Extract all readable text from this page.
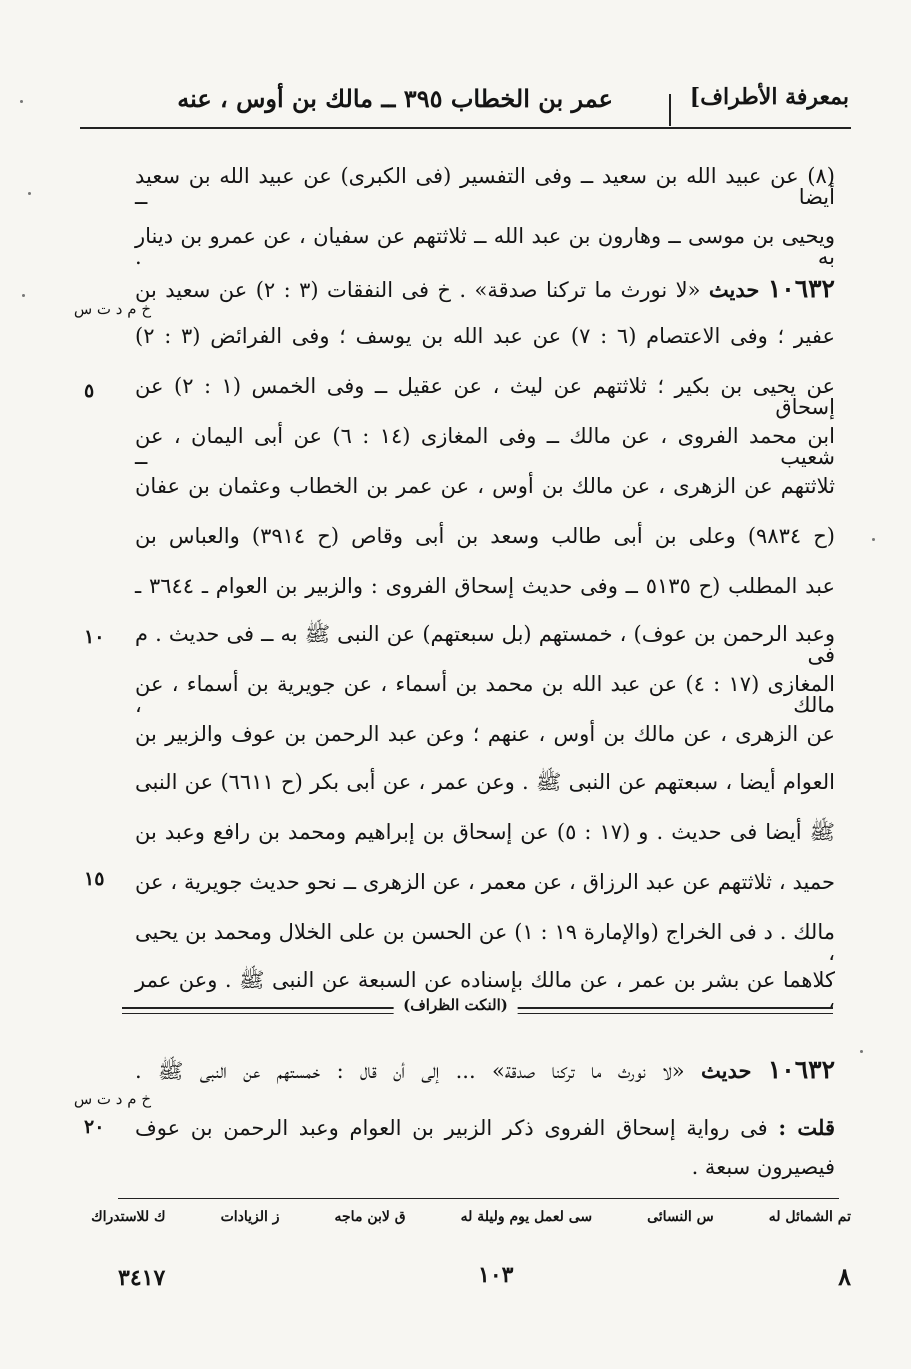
بمعرفة الأطراف]
عمر بن الخطاب ٣٩٥ ــ مالك بن أوس ، عنه
(٨) عن عبيد الله بن سعيد ــ وفى التفسير (فى الكبرى) عن عبيد الله بن سعيد أيضا ــ
ويحيى بن موسى ــ وهارون بن عبد الله ــ ثلاثتهم عن سفيان ، عن عمرو بن دينار به .
١٠٦٣٢ حديث «لا نورث ما تركنا صدقة» . خ فى النفقات (٣ : ٢) عن سعيد بن
خ م د ت س
عفير ؛ وفى الاعتصام (٦ : ٧) عن عبد الله بن يوسف ؛ وفى الفرائض (٣ : ٢)
عن يحيى بن بكير ؛ ثلاثتهم عن ليث ، عن عقيل ــ وفى الخمس (١ : ٢) عن إسحاق
ابن محمد الفروى ، عن مالك ــ وفى المغازى (١٤ : ٦) عن أبى اليمان ، عن شعيب ــ
ثلاثتهم عن الزهرى ، عن مالك بن أوس ، عن عمر بن الخطاب وعثمان بن عفان
(ح ٩٨٣٤) وعلى بن أبى طالب وسعد بن أبى وقاص (ح ٣٩١٤) والعباس بن
عبد المطلب (ح ٥١٣٥ ــ وفى حديث إسحاق الفروى : والزبير بن العوام ـ ٣٦٤٤ ـ
وعبد الرحمن بن عوف) ، خمستهم (بل سبعتهم) عن النبى ﷺ به ــ فى حديث . م فى
المغازى (١٧ : ٤) عن عبد الله بن محمد بن أسماء ، عن جويرية بن أسماء ، عن مالك ،
عن الزهرى ، عن مالك بن أوس ، عنهم ؛ وعن عبد الرحمن بن عوف والزبير بن
العوام أيضا ، سبعتهم عن النبى ﷺ . وعن عمر ، عن أبى بكر (ح ٦٦١١) عن النبى
ﷺ أيضا فى حديث . و (١٧ : ٥) عن إسحاق بن إبراهيم ومحمد بن رافع وعبد بن
حميد ، ثلاثتهم عن عبد الرزاق ، عن معمر ، عن الزهرى ــ نحو حديث جويرية ، عن
مالك . د فى الخراج (والإمارة ١٩ : ١) عن الحسن بن على الخلال ومحمد بن يحيى ،
كلاهما عن بشر بن عمر ، عن مالك بإسناده عن السبعة عن النبى ﷺ . وعن عمر ،
٥
١٠
١٥
٢٠
(النكت الظراف)
١٠٦٣٢ حديث «لا نورث ما تركنا صدقة» ... إلى أن قال : خمستهم عن النبى ﷺ .
خ م د ت س
قلت : فى رواية إسحاق الفروى ذكر الزبير بن العوام وعبد الرحمن بن عوف
فيصيرون سبعة .
تم الشمائل له
س النسائى
سى لعمل يوم وليلة له
ق لابن ماجه
ز الزيادات
ك للاستدراك
٣٤١٧	١٠٣	٨
